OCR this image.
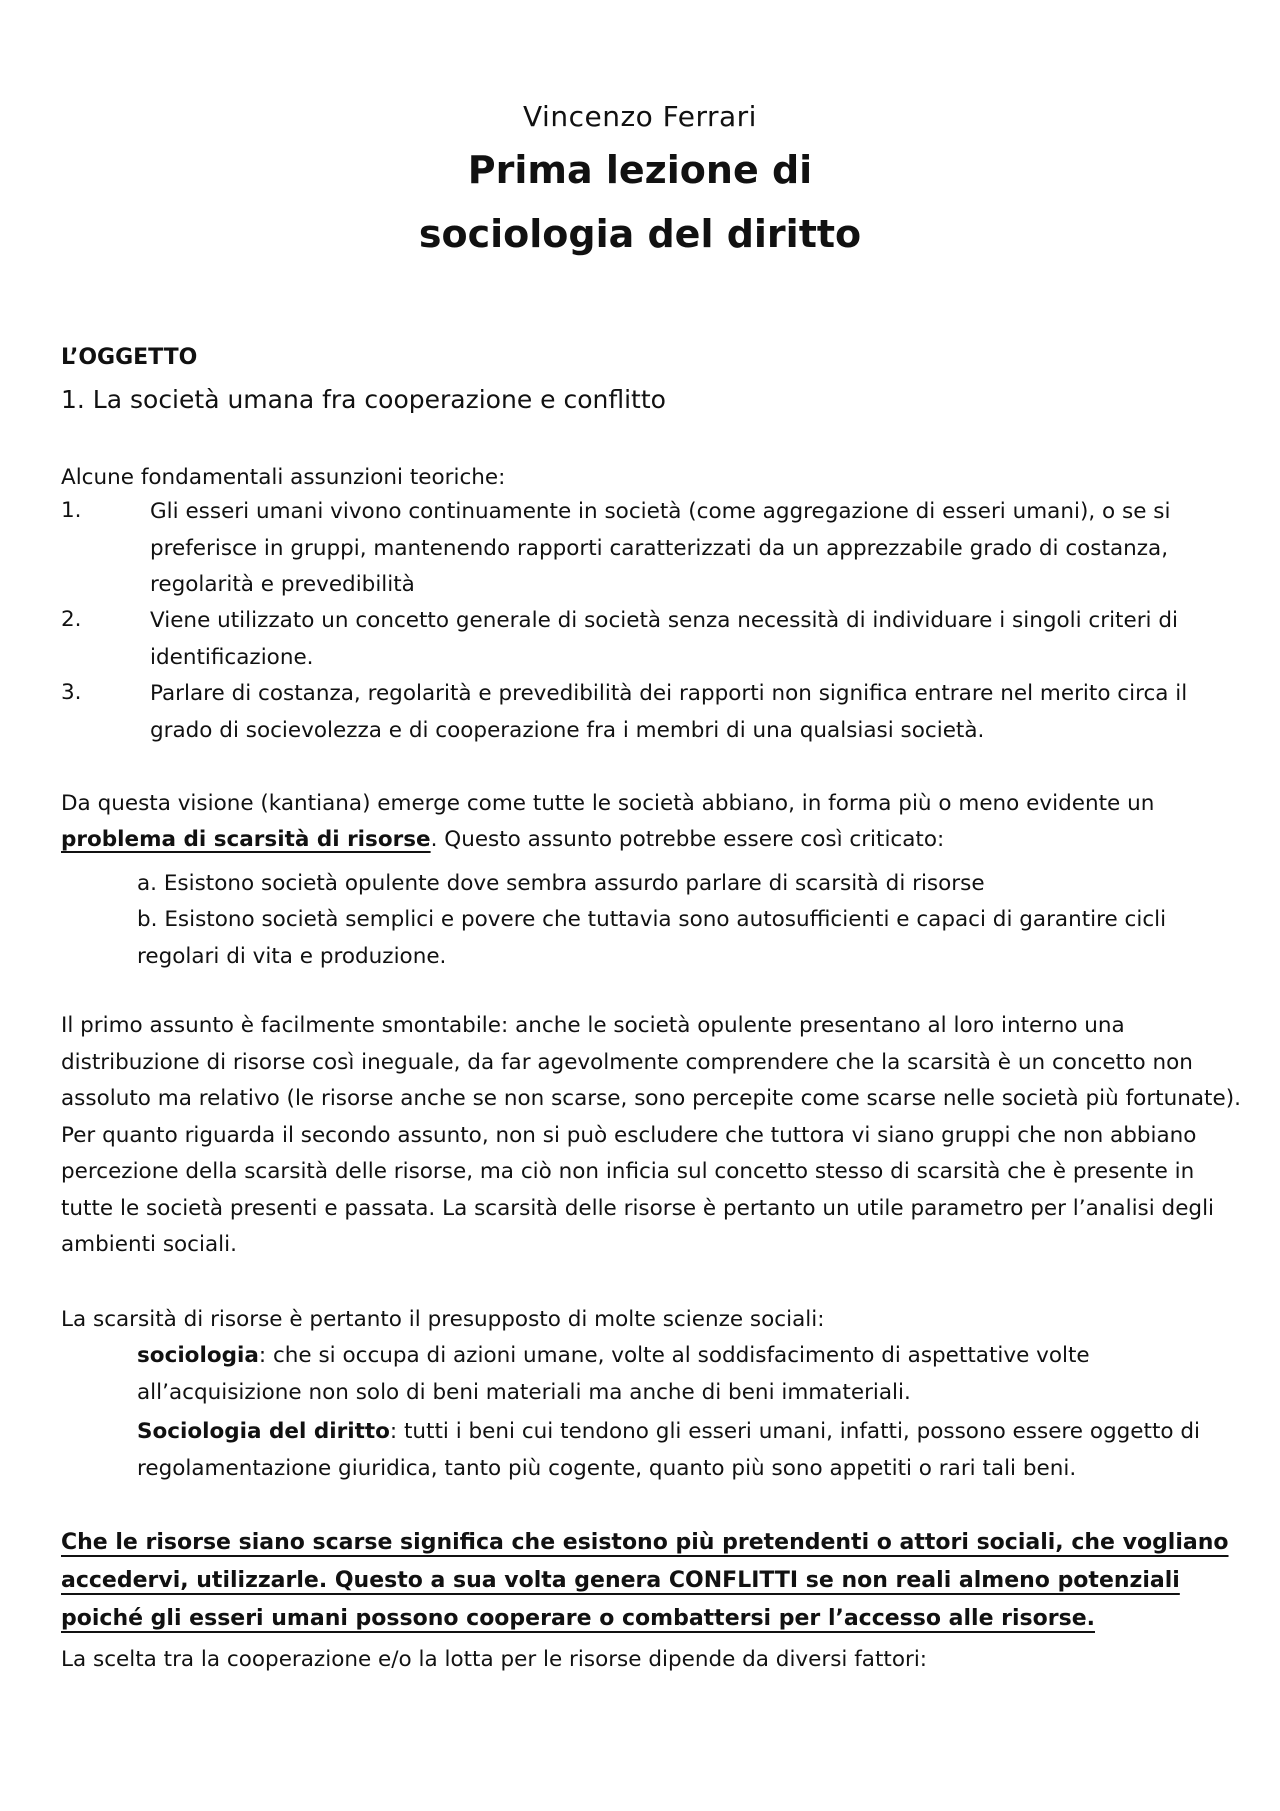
Vincenzo Ferrari
Prima lezione di
sociologia del diritto
L’OGGETTO
1. La società umana fra cooperazione e conflitto
Alcune fondamentali assunzioni teoriche:
1.	Gli esseri umani vivono continuamente in società (come aggregazione di esseri umani), o se si preferisce in gruppi, mantenendo rapporti caratterizzati da un apprezzabile grado di costanza, regolarità e prevedibilità
2.	Viene utilizzato un concetto generale di società senza necessità di individuare i singoli criteri di identificazione.
3.	Parlare di costanza, regolarità e prevedibilità dei rapporti non significa entrare nel merito circa il grado di socievolezza e di cooperazione fra i membri di una qualsiasi società.
Da questa visione (kantiana) emerge come tutte le società abbiano, in forma più o meno evidente un
problema di scarsità di risorse. Questo assunto potrebbe essere così criticato:
a. Esistono società opulente dove sembra assurdo parlare di scarsità di risorse
b. Esistono società semplici e povere che tuttavia sono autosufficienti e capaci di garantire cicli regolari di vita e produzione.
Il primo assunto è facilmente smontabile: anche le società opulente presentano al loro interno una distribuzione di risorse così ineguale, da far agevolmente comprendere che la scarsità è un concetto non assoluto ma relativo (le risorse anche se non scarse, sono percepite come scarse nelle società più fortunate). Per quanto riguarda il secondo assunto, non si può escludere che tuttora vi siano gruppi che non abbiano percezione della scarsità delle risorse, ma ciò non inficia sul concetto stesso di scarsità che è presente in tutte le società presenti e passata. La scarsità delle risorse è pertanto un utile parametro per l’analisi degli ambienti sociali.
La scarsità di risorse è pertanto il presupposto di molte scienze sociali:
sociologia: che si occupa di azioni umane, volte al soddisfacimento di aspettative volte all’acquisizione non solo di beni materiali ma anche di beni immateriali.
Sociologia del diritto: tutti i beni cui tendono gli esseri umani, infatti, possono essere oggetto di regolamentazione giuridica, tanto più cogente, quanto più sono appetiti o rari tali beni.
Che le risorse siano scarse significa che esistono più pretendenti o attori sociali, che vogliano accedervi, utilizzarle. Questo a sua volta genera CONFLITTI se non reali almeno potenziali poiché gli esseri umani possono cooperare o combattersi per l’accesso alle risorse.
La scelta tra la cooperazione e/o la lotta per le risorse dipende da diversi fattori:
